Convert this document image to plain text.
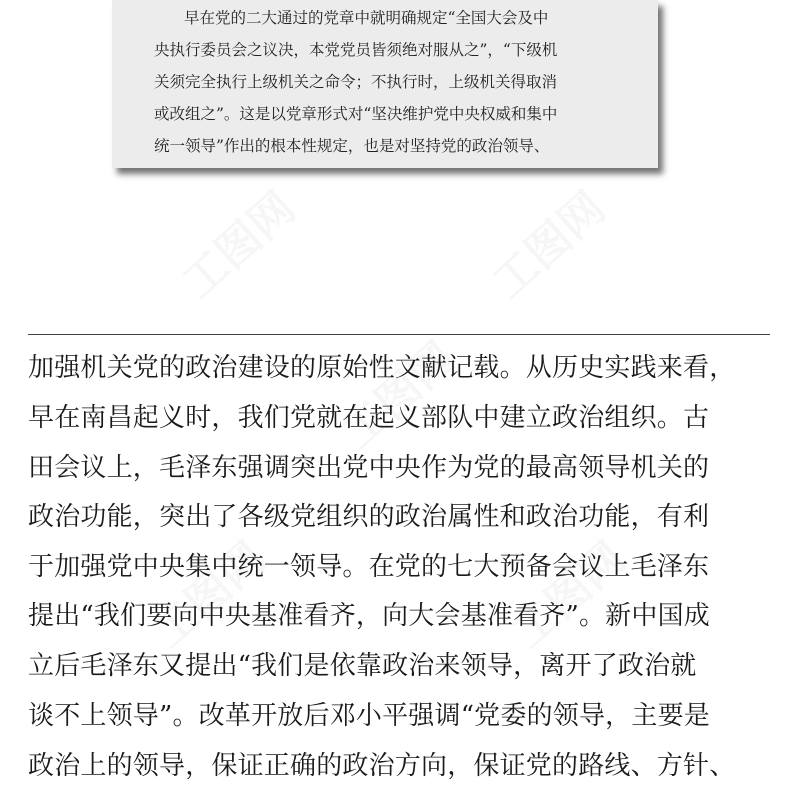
早在党的二大通过的党章中就明确规定“全国大会及中
央执行委员会之议决，本党党员皆须绝对服从之”，“下级机
关须完全执行上级机关之命令；不执行时，上级机关得取消
或改组之”。这是以党章形式对“坚决维护党中央权威和集中
统一领导”作出的根本性规定，也是对坚持党的政治领导、
加强机关党的政治建设的原始性文献记载。从历史实践来看，
早在南昌起义时，我们党就在起义部队中建立政治组织。古
田会议上，毛泽东强调突出党中央作为党的最高领导机关的
政治功能，突出了各级党组织的政治属性和政治功能，有利
于加强党中央集中统一领导。在党的七大预备会议上毛泽东
提出“我们要向中央基准看齐，向大会基准看齐”。新中国成
立后毛泽东又提出“我们是依靠政治来领导，离开了政治就
谈不上领导”。改革开放后邓小平强调“党委的领导，主要是
政治上的领导，保证正确的政治方向，保证党的路线、方针、
